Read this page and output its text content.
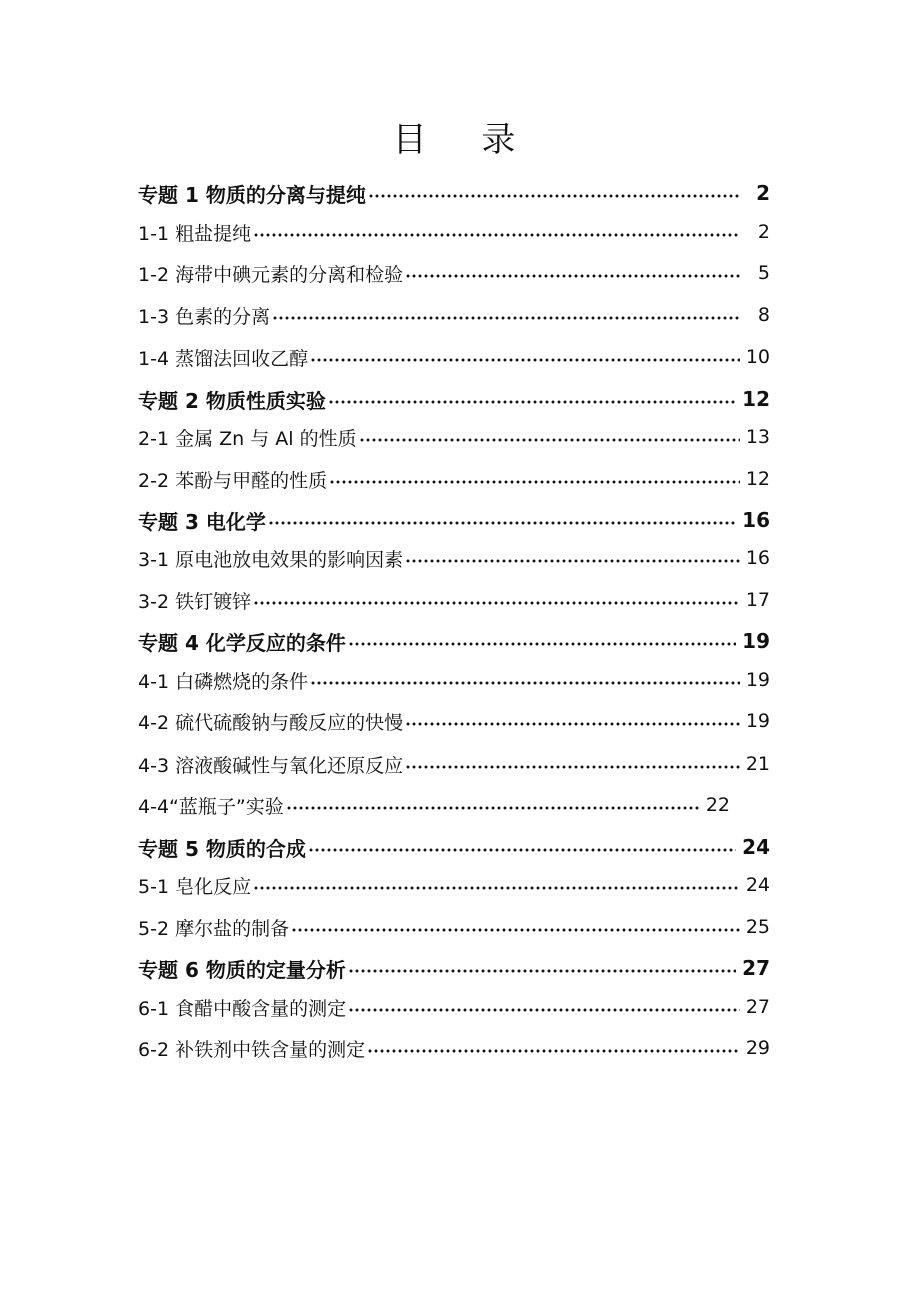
目 录
专题 1 物质的分离与提纯	2
1-1 粗盐提纯	2
1-2 海带中碘元素的分离和检验	5
1-3 色素的分离	8
1-4 蒸馏法回收乙醇	10
专题 2 物质性质实验	12
2-1 金属 Zn 与 Al 的性质	13
2-2 苯酚与甲醛的性质	12
专题 3 电化学	16
3-1 原电池放电效果的影响因素	16
3-2 铁钉镀锌	17
专题 4 化学反应的条件	19
4-1 白磷燃烧的条件	19
4-2 硫代硫酸钠与酸反应的快慢	19
4-3 溶液酸碱性与氧化还原反应	21
4-4“蓝瓶子”实验	22
专题 5 物质的合成	24
5-1 皂化反应	24
5-2 摩尔盐的制备	25
专题 6 物质的定量分析	27
6-1 食醋中酸含量的测定	27
6-2 补铁剂中铁含量的测定	29
